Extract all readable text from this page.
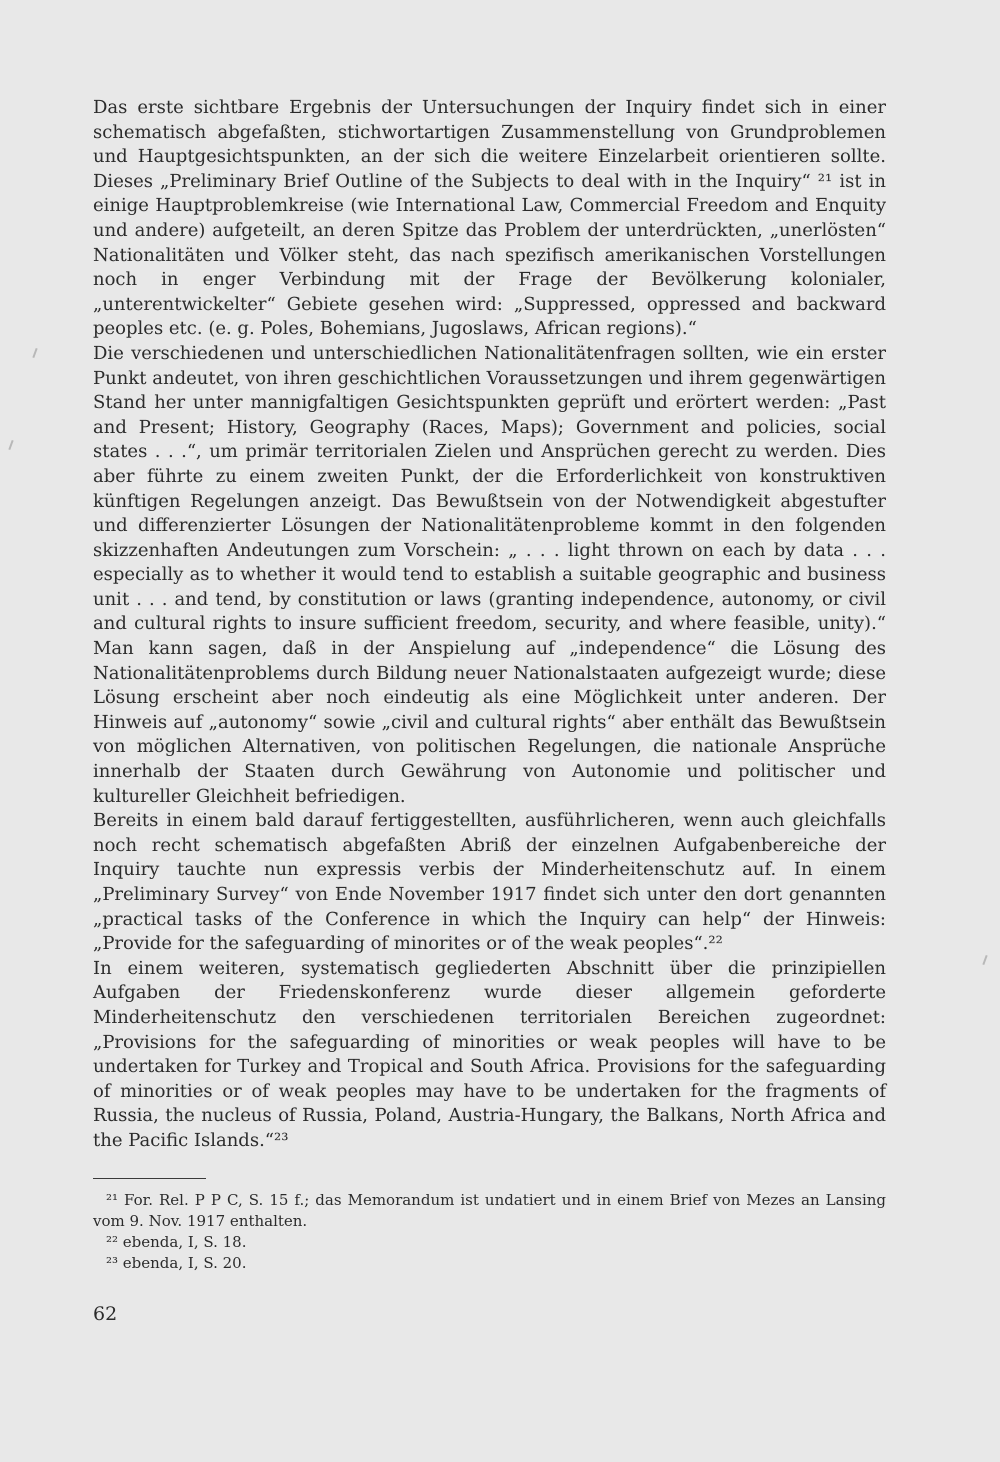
Das erste sichtbare Ergebnis der Untersuchungen der Inquiry findet sich in einer schematisch abgefaßten, stichwortartigen Zusammenstellung von Grundproblemen und Hauptgesichtspunkten, an der sich die weitere Einzelarbeit orientieren sollte. Dieses „Preliminary Brief Outline of the Subjects to deal with in the Inquiry“ ²¹ ist in einige Hauptproblemkreise (wie International Law, Commercial Freedom and Enquity und andere) aufgeteilt, an deren Spitze das Problem der unterdrückten, „unerlösten“ Nationalitäten und Völker steht, das nach spezifisch amerikanischen Vorstellungen noch in enger Verbindung mit der Frage der Bevölkerung kolonialer, „unterentwickelter“ Gebiete gesehen wird: „Suppressed, oppressed and backward peoples etc. (e. g. Poles, Bohemians, Jugoslaws, African regions).“

Die verschiedenen und unterschiedlichen Nationalitätenfragen sollten, wie ein erster Punkt andeutet, von ihren geschichtlichen Voraussetzungen und ihrem gegenwärtigen Stand her unter mannigfaltigen Gesichtspunkten geprüft und erörtert werden: „Past and Present; History, Geography (Races, Maps); Government and policies, social states . . .“, um primär territorialen Zielen und Ansprüchen gerecht zu werden. Dies aber führte zu einem zweiten Punkt, der die Erforderlichkeit von konstruktiven künftigen Regelungen anzeigt. Das Bewußtsein von der Notwendigkeit abgestufter und differenzierter Lösungen der Nationalitätenprobleme kommt in den folgenden skizzenhaften Andeutungen zum Vorschein: „ . . . light thrown on each by data . . . especially as to whether it would tend to establish a suitable geographic and business unit . . . and tend, by constitution or laws (granting independence, autonomy, or civil and cultural rights to insure sufficient freedom, security, and where feasible, unity).“ Man kann sagen, daß in der Anspielung auf „independence“ die Lösung des Nationalitätenproblems durch Bildung neuer Nationalstaaten aufgezeigt wurde; diese Lösung erscheint aber noch eindeutig als eine Möglichkeit unter anderen. Der Hinweis auf „autonomy“ sowie „civil and cultural rights“ aber enthält das Bewußtsein von möglichen Alternativen, von politischen Regelungen, die nationale Ansprüche innerhalb der Staaten durch Gewährung von Autonomie und politischer und kultureller Gleichheit befriedigen.

Bereits in einem bald darauf fertiggestellten, ausführlicheren, wenn auch gleichfalls noch recht schematisch abgefaßten Abriß der einzelnen Aufgabenbereiche der Inquiry tauchte nun expressis verbis der Minderheitenschutz auf. In einem „Preliminary Survey“ von Ende November 1917 findet sich unter den dort genannten „practical tasks of the Conference in which the Inquiry can help“ der Hinweis: „Provide for the safeguarding of minorites or of the weak peoples“.²²

In einem weiteren, systematisch gegliederten Abschnitt über die prinzipiellen Aufgaben der Friedenskonferenz wurde dieser allgemein geforderte Minderheitenschutz den verschiedenen territorialen Bereichen zugeordnet: „Provisions for the safeguarding of minorities or weak peoples will have to be undertaken for Turkey and Tropical and South Africa. Provisions for the safeguarding of minorities or of weak peoples may have to be undertaken for the fragments of Russia, the nucleus of Russia, Poland, Austria-Hungary, the Balkans, North Africa and the Pacific Islands.“²³

²¹ For. Rel. P P C, S. 15 f.; das Memorandum ist undatiert und in einem Brief von Mezes an Lansing vom 9. Nov. 1917 enthalten.

²² ebenda, I, S. 18.

²³ ebenda, I, S. 20.

62
